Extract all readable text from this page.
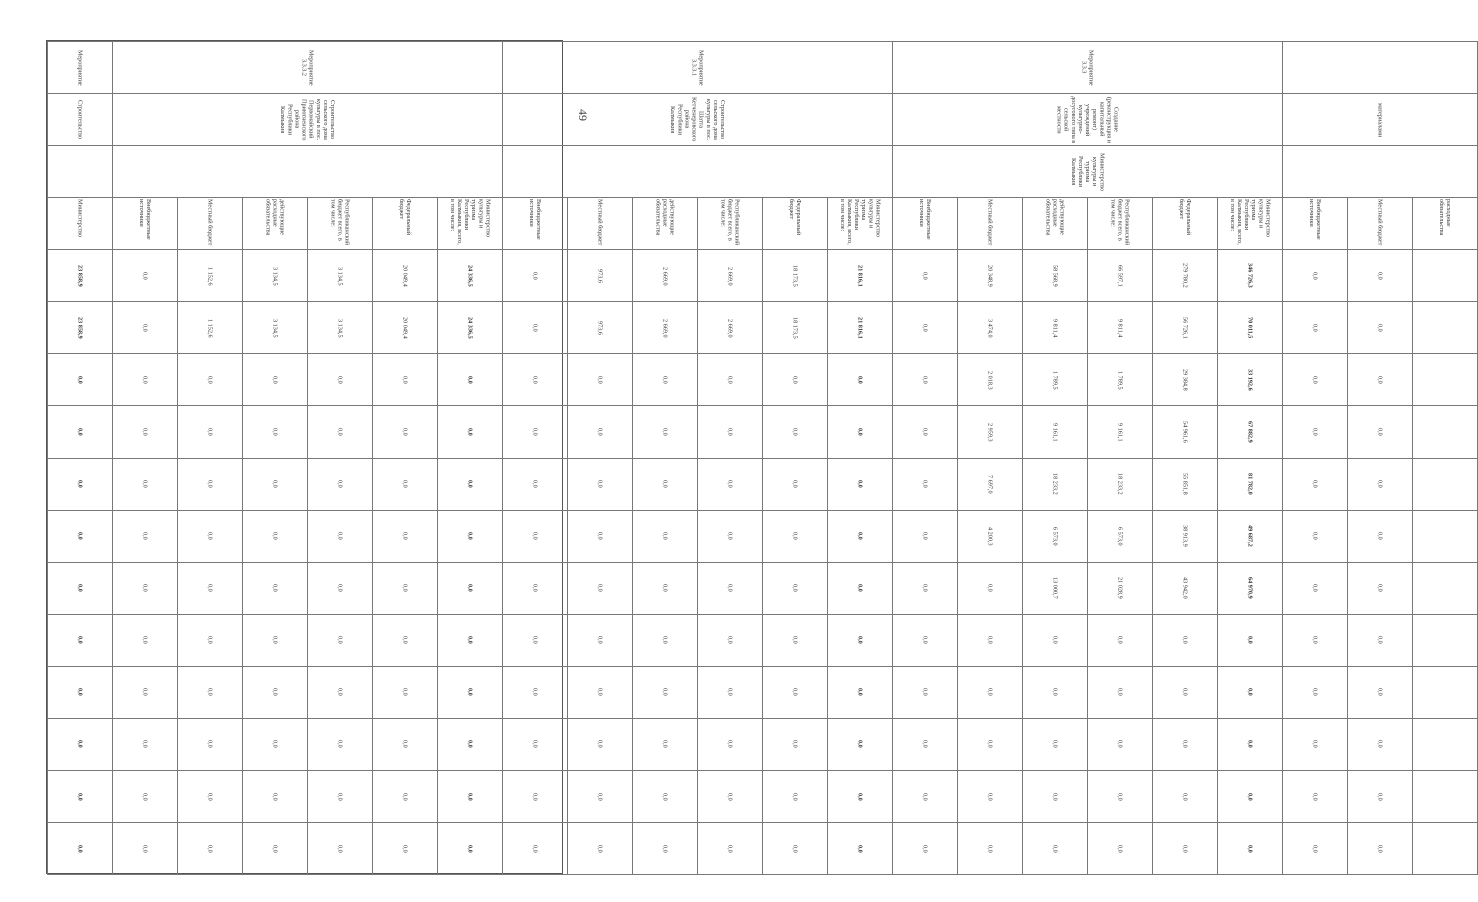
49
		материалами		расходные обязательства												
Местный бюджет	0,0	0,0	0,0	0,0	0,0	0,0	0,0	0,0	0,0	0,0	0,0	0,0
Внебюджетные источники	0,0	0,0	0,0	0,0	0,0	0,0	0,0	0,0	0,0	0,0	0,0	0,0
Мероприятие 3.3.3	Создание (реконструкция и капитальный ремонт) учреждений культурно-досугового типа в сельской местности	Министерство культуры и туризма Республики Калмыкия	Министерство культуры и туризма Республики Калмыкия, всего, в том числе:	346 726,3	70 011,5	33 192,6	67 882,9	81 782,0	49 687,2	64 970,9	0,0	0,0	0,0	0,0	0,0
Федеральный бюджет	279 780,2	56 726,1	29 384,8	54 961,6	55 851,8	38 913,9	43 942,0	0,0	0,0	0,0	0,0	0,0
Республиканский бюджет всего, в том числе:	66 597,1	9 811,4	1 789,5	9 161,1	18 233,2	6 573,0	21 028,9	0,0	0,0	0,0	0,0	0,0
действующие расходные обязательства	58 568,9	9 811,4	1 789,5	9 161,1	18 233,2	6 573,0	13 000,7	0,0	0,0	0,0	0,0	0,0
Местный бюджет	20 348,9	3 474,0	2 018,3	2 959,3	7 697,0	4 200,3	0,0	0,0	0,0	0,0	0,0	0,0
Внебюджетные источники	0,0	0,0	0,0	0,0	0,0	0,0	0,0	0,0	0,0	0,0	0,0	0,0
Мероприятие 3.3.3.1	Строительство сельского дома культуры в пос. Шатта Кетченеровского района Республики Калмыкия		Министерство культуры и туризма Республики Калмыкия, всего, в том числе:	21 816,1	21 816,1	0,0	0,0	0,0	0,0	0,0	0,0	0,0	0,0	0,0	0,0
Федеральный бюджет	18 173,5	18 173,5	0,0	0,0	0,0	0,0	0,0	0,0	0,0	0,0	0,0	0,0
Республиканский бюджет всего, в том числе:	2 669,0	2 669,0	0,0	0,0	0,0	0,0	0,0	0,0	0,0	0,0	0,0	0,0
действующие расходные обязательства	2 669,0	2 669,0	0,0	0,0	0,0	0,0	0,0	0,0	0,0	0,0	0,0	0,0
Местный бюджет	973,6	973,6	0,0	0,0	0,0	0,0	0,0	0,0	0,0	0,0	0,0	0,0
Внебюджетные источники	0,0	0,0	0,0	0,0	0,0	0,0	0,0	0,0	0,0	0,0	0,0	0,0
Мероприятие 3.3.3.2	Строительство сельского дома культуры в пос. Первомайский Приютненского района Республики Калмыкия		Министерство культуры и туризма Республики Калмыкия, всего, в том числе:	24 336,5	24 336,5	0,0	0,0	0,0	0,0	0,0	0,0	0,0	0,0	0,0	0,0
Федеральный бюджет	20 049,4	20 049,4	0,0	0,0	0,0	0,0	0,0	0,0	0,0	0,0	0,0	0,0
Республиканский бюджет всего, в том числе:	3 134,5	3 134,5	0,0	0,0	0,0	0,0	0,0	0,0	0,0	0,0	0,0	0,0
действующие расходные обязательства	3 134,5	3 134,5	0,0	0,0	0,0	0,0	0,0	0,0	0,0	0,0	0,0	0,0
Местный бюджет	1 152,6	1 152,6	0,0	0,0	0,0	0,0	0,0	0,0	0,0	0,0	0,0	0,0
Внебюджетные источники	0,0	0,0	0,0	0,0	0,0	0,0	0,0	0,0	0,0	0,0	0,0	0,0
Мероприятие	Строительство		Министерство	23 858,9	23 858,9	0,0	0,0	0,0	0,0	0,0	0,0	0,0	0,0	0,0	0,0
